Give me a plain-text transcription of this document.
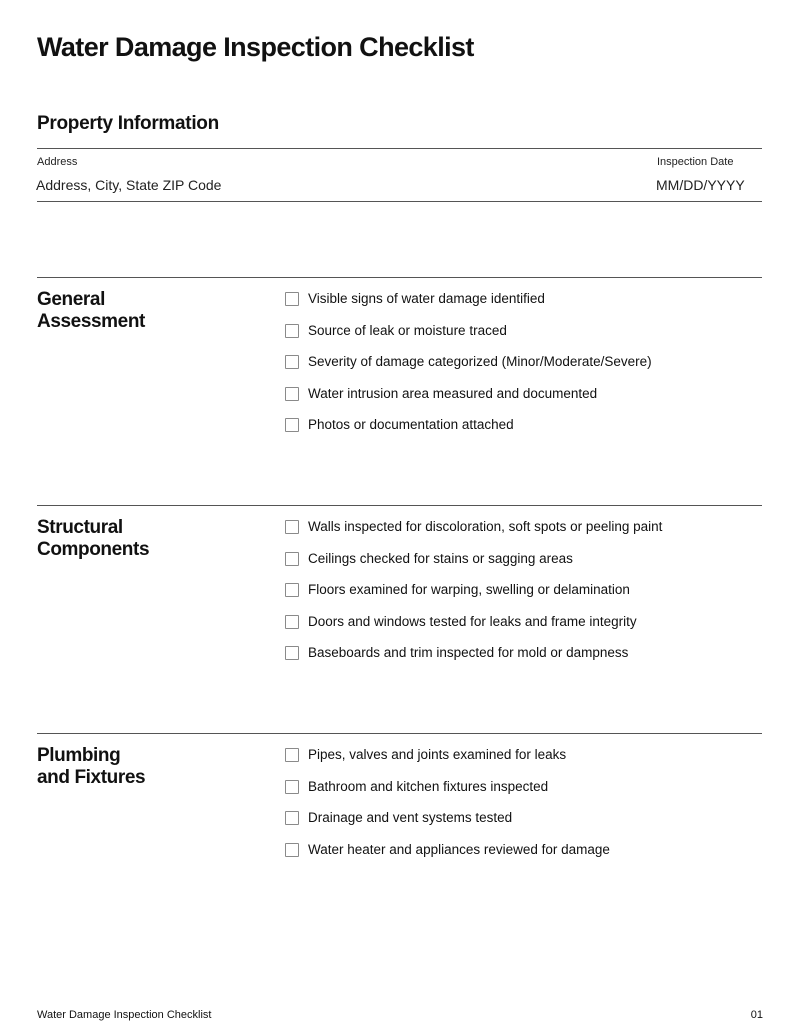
Water Damage Inspection Checklist
Property Information
Address
Address, City, State ZIP Code
Inspection Date
MM/DD/YYYY
General
Assessment
Visible signs of water damage identified
Source of leak or moisture traced
Severity of damage categorized (Minor/Moderate/Severe)
Water intrusion area measured and documented
Photos or documentation attached
Structural
Components
Walls inspected for discoloration, soft spots or peeling paint
Ceilings checked for stains or sagging areas
Floors examined for warping, swelling or delamination
Doors and windows tested for leaks and frame integrity
Baseboards and trim inspected for mold or dampness
Plumbing
and Fixtures
Pipes, valves and joints examined for leaks
Bathroom and kitchen fixtures inspected
Drainage and vent systems tested
Water heater and appliances reviewed for damage
Water Damage Inspection Checklist	01
